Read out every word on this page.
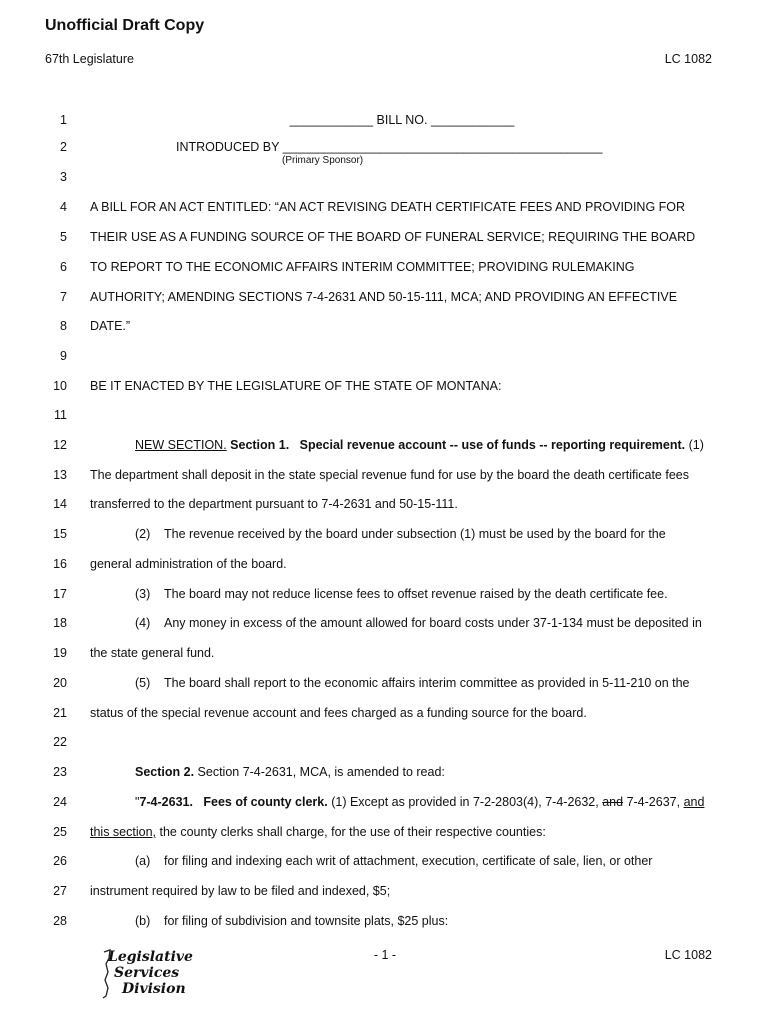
Unofficial Draft Copy
67th Legislature	LC 1082
1	____________ BILL NO. ____________
2	INTRODUCED BY ______________________________________________
(Primary Sponsor)
3
4 A BILL FOR AN ACT ENTITLED: “AN ACT REVISING DEATH CERTIFICATE FEES AND PROVIDING FOR
5 THEIR USE AS A FUNDING SOURCE OF THE BOARD OF FUNERAL SERVICE; REQUIRING THE BOARD
6 TO REPORT TO THE ECONOMIC AFFAIRS INTERIM COMMITTEE; PROVIDING RULEMAKING
7 AUTHORITY; AMENDING SECTIONS 7-4-2631 AND 50-15-111, MCA; AND PROVIDING AN EFFECTIVE
8 DATE.”
9
10 BE IT ENACTED BY THE LEGISLATURE OF THE STATE OF MONTANA:
11
12	NEW SECTION. Section 1. Special revenue account -- use of funds -- reporting requirement. (1)
13 The department shall deposit in the state special revenue fund for use by the board the death certificate fees
14 transferred to the department pursuant to 7-4-2631 and 50-15-111.
15	(2) The revenue received by the board under subsection (1) must be used by the board for the
16 general administration of the board.
17	(3) The board may not reduce license fees to offset revenue raised by the death certificate fee.
18	(4) Any money in excess of the amount allowed for board costs under 37-1-134 must be deposited in
19 the state general fund.
20	(5) The board shall report to the economic affairs interim committee as provided in 5-11-210 on the
21 status of the special revenue account and fees charged as a funding source for the board.
22
23	Section 2. Section 7-4-2631, MCA, is amended to read:
24	"7-4-2631. Fees of county clerk. (1) Except as provided in 7-2-2803(4), 7-4-2632, and 7-4-2637, and
25 this section, the county clerks shall charge, for the use of their respective counties:
26	(a) for filing and indexing each writ of attachment, execution, certificate of sale, lien, or other
27 instrument required by law to be filed and indexed, $5;
28	(b) for filing of subdivision and townsite plats, $25 plus:
Legislative
Services
Division
- 1 -	LC 1082
